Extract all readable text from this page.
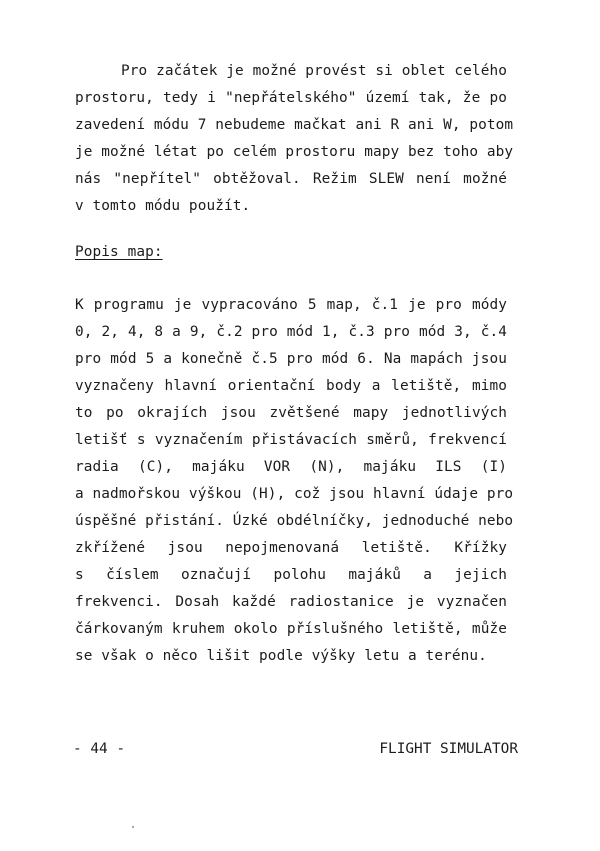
Pro začátek je možné provést si oblet celého
prostoru, tedy i "nepřátelského" území tak, že po
zavedení módu 7 nebudeme mačkat ani R ani W, potom
je možné létat po celém prostoru mapy bez toho aby
nás "nepřítel" obtěžoval. Režim SLEW není možné
v tomto módu použít.
Popis map:
K programu je vypracováno 5 map, č.1 je pro módy
0, 2, 4, 8 a 9, č.2 pro mód 1, č.3 pro mód 3, č.4
pro mód 5 a konečně č.5 pro mód 6. Na mapách jsou
vyznačeny hlavní orientační body a letiště, mimo
to po okrajích jsou zvětšené mapy jednotlivých
letišť s vyznačením přistávacích směrů, frekvencí
radia (C), majáku VOR (N), majáku ILS (I)
a nadmořskou výškou (H), což jsou hlavní údaje pro
úspěšné přistání. Úzké obdélníčky, jednoduché nebo
zkřížené jsou nepojmenovaná letiště. Křížky
s číslem označují polohu majáků a jejich
frekvenci. Dosah každé radiostanice je vyznačen
čárkovaným kruhem okolo příslušného letiště, může
se však o něco lišit podle výšky letu a terénu.
- 44 -	FLIGHT SIMULATOR
